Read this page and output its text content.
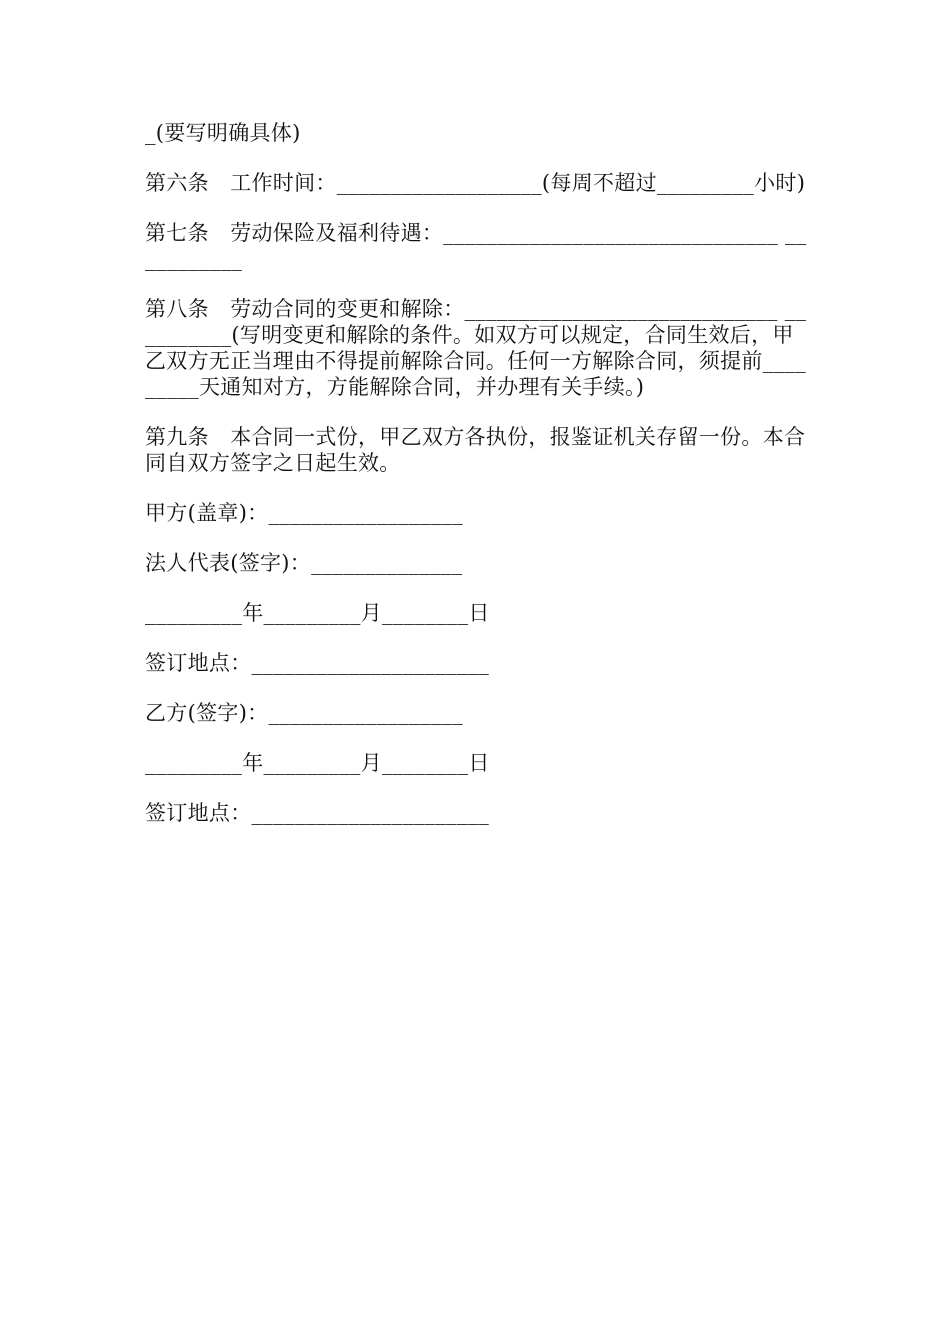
_(要写明确具体)

第六条　工作时间：___________________(每周不超过_________小时)

第七条　劳动保险及福利待遇：_______________________________ ___________

第八条　劳动合同的变更和解除：_____________________________ __________(写明变更和解除的条件。如双方可以规定，合同生效后，甲乙双方无正当理由不得提前解除合同。任何一方解除合同，须提前_________天通知对方，方能解除合同，并办理有关手续。)

第九条　本合同一式份，甲乙双方各执份，报鉴证机关存留一份。本合同自双方签字之日起生效。

甲方(盖章)：__________________

法人代表(签字)：______________

_________年_________月________日

签订地点：______________________

乙方(签字)：__________________

_________年_________月________日

签订地点：______________________
